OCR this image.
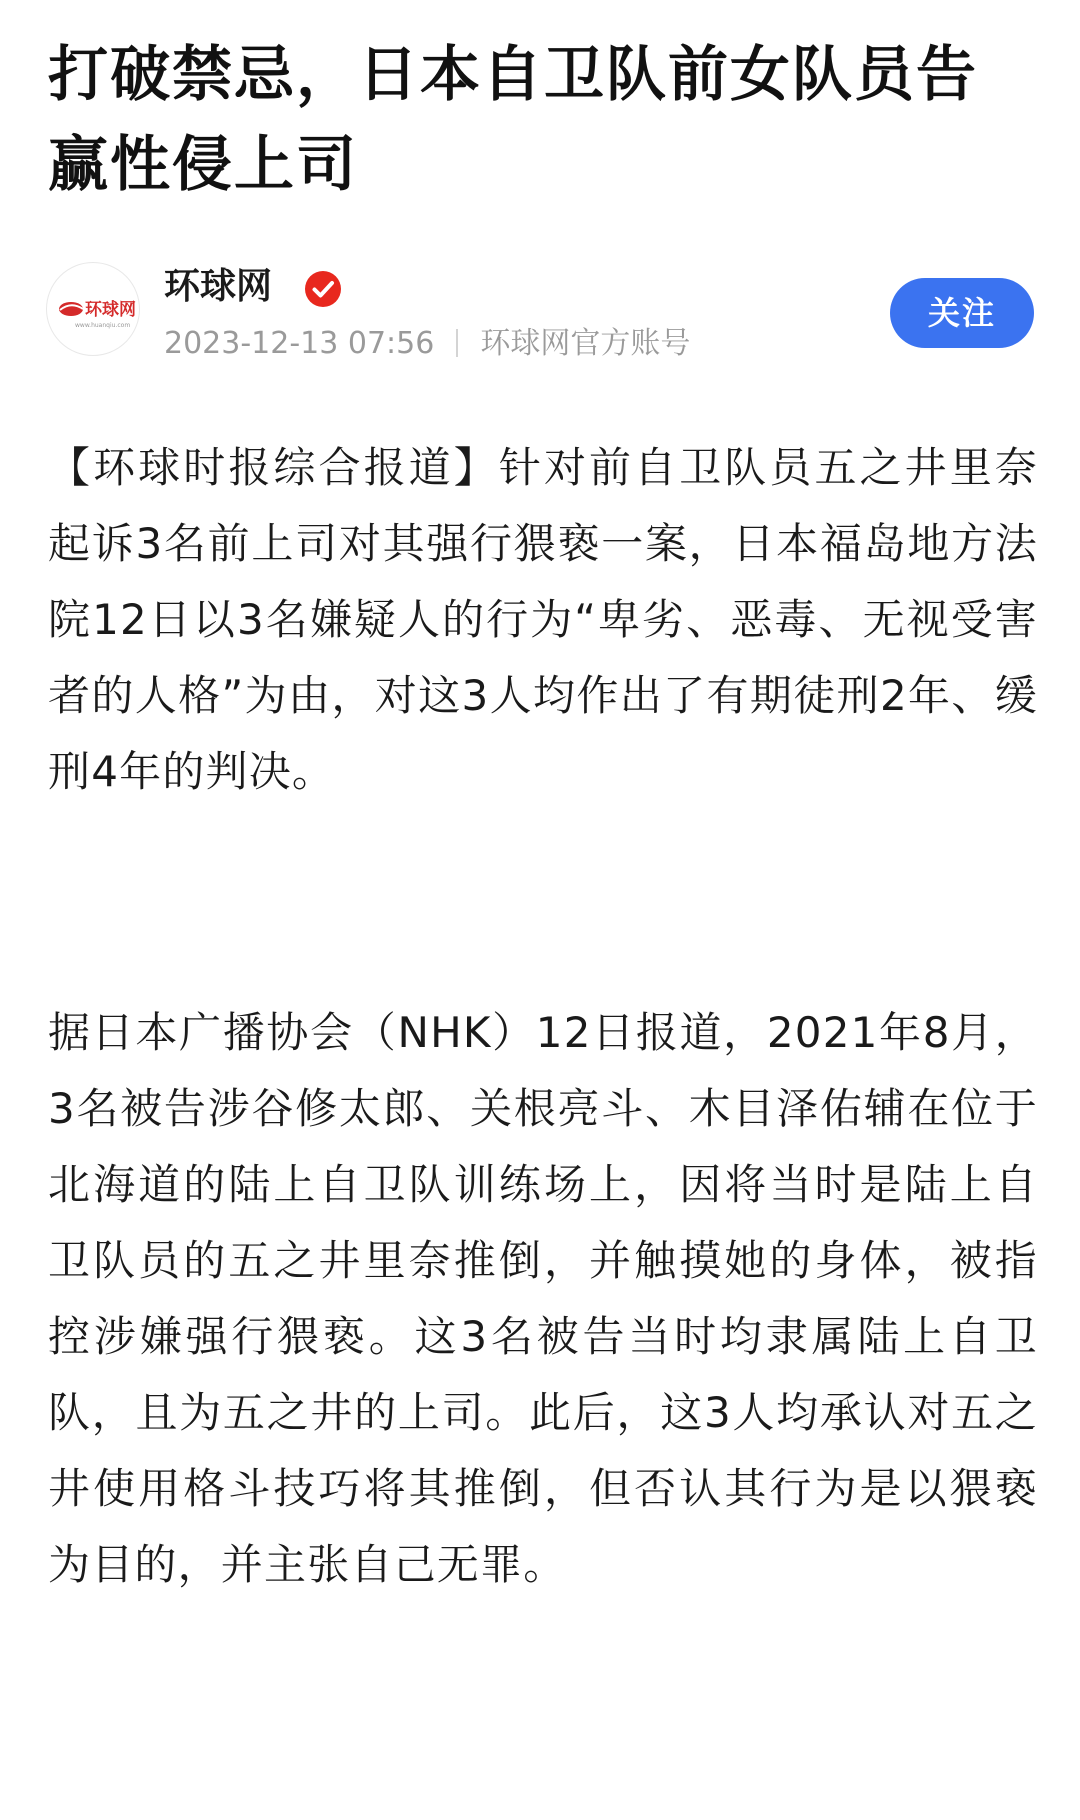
打破禁忌，日本自卫队前女队员告赢性侵上司
环球网
www.huanqiu.com
环球网
2023-12-13 07:56 环球网官方账号
关注

【环球时报综合报道】针对前自卫队员五之井里奈起诉3名前上司对其强行猥亵一案，日本福岛地方法院12日以3名嫌疑人的行为“卑劣、恶毒、无视受害者的人格”为由，对这3人均作出了有期徒刑2年、缓刑4年的判决。

据日本广播协会（NHK）12日报道，2021年8月，3名被告涉谷修太郎、关根亮斗、木目泽佑辅在位于北海道的陆上自卫队训练场上，因将当时是陆上自卫队员的五之井里奈推倒，并触摸她的身体，被指控涉嫌强行猥亵。这3名被告当时均隶属陆上自卫队，且为五之井的上司。此后，这3人均承认对五之井使用格斗技巧将其推倒，但否认其行为是以猥亵为目的，并主张自己无罪。
